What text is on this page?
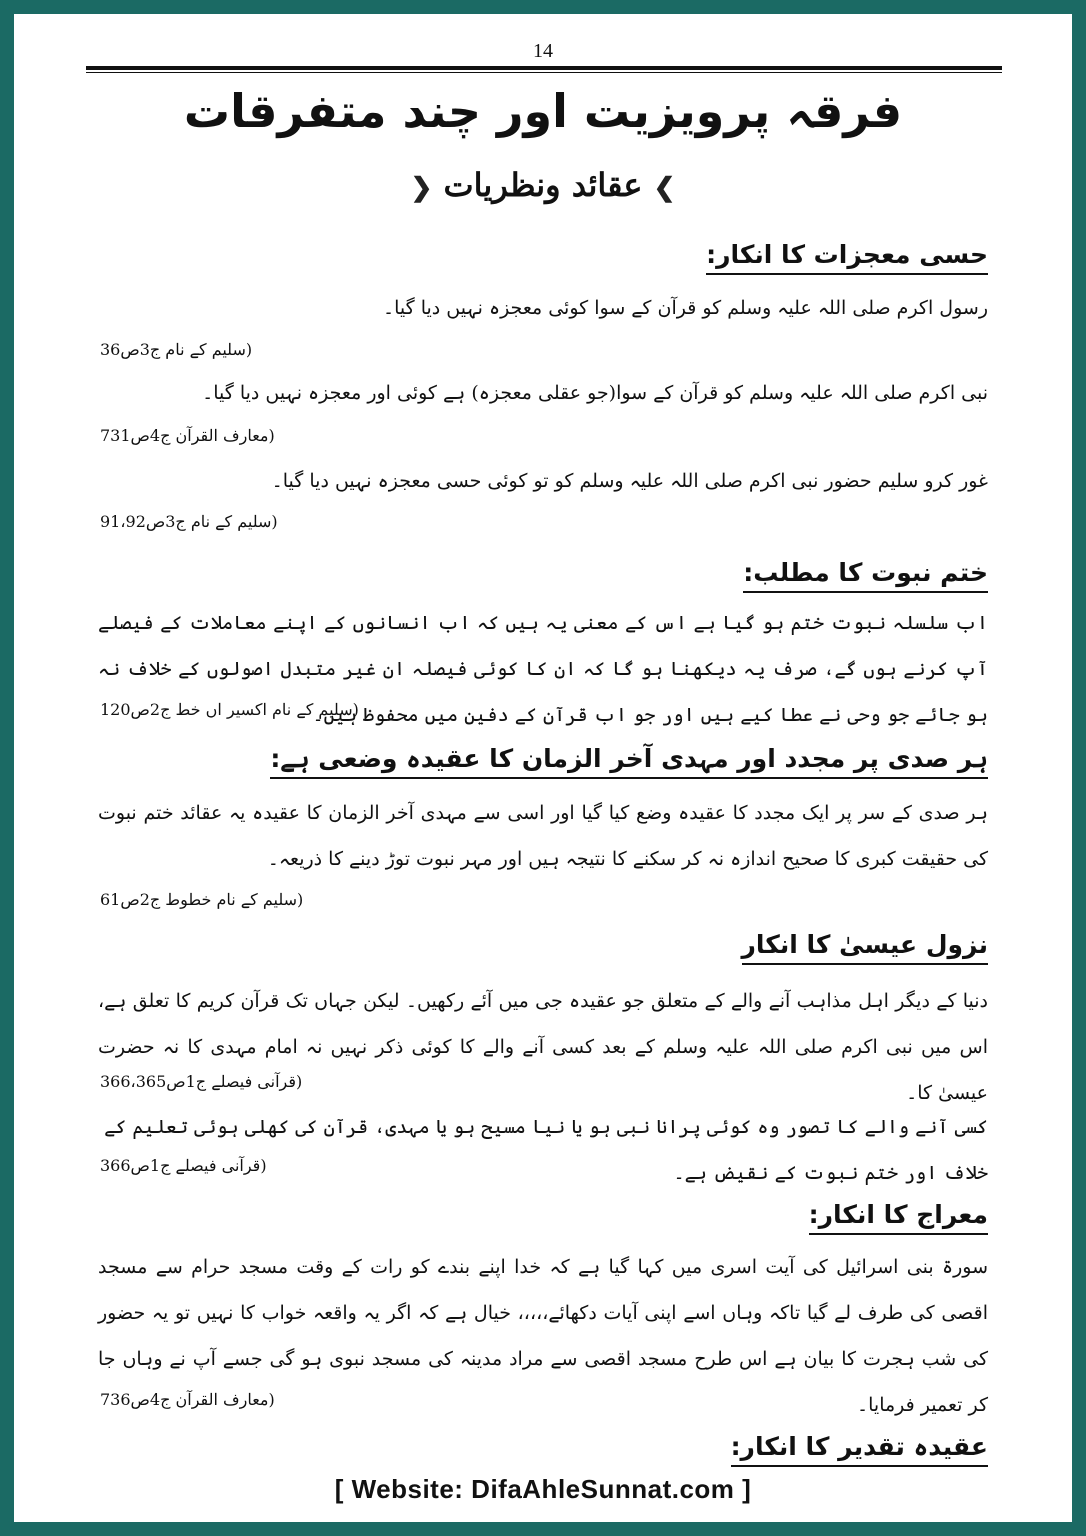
14
فرقہ پرویزیت اور چند متفرقات
❯ عقائد ونظریات ❮
حسی معجزات کا انکار:
رسول اکرم صلی اللہ علیہ وسلم کو قرآن کے سوا کوئی معجزہ نہیں دیا گیا۔
(سلیم کے نام ج3ص36
نبی اکرم صلی اللہ علیہ وسلم کو قرآن کے سوا(جو عقلی معجزہ) ہے کوئی اور معجزہ نہیں دیا گیا۔
(معارف القرآن ج4ص731
غور کرو سلیم حضور نبی اکرم صلی اللہ علیہ وسلم کو تو کوئی حسی معجزہ نہیں دیا گیا۔
(سلیم کے نام ج3ص91،92
ختم نبوت کا مطلب:
اب سلسلہ نبوت ختم ہو گیا ہے اس کے معنی یہ ہیں کہ اب انسانوں کے اپنے معاملات کے فیصلے آپ کرنے ہوں گے، صرف یہ دیکھنا ہو گا کہ ان کا کوئی فیصلہ ان غیر متبدل اصولوں کے خلاف نہ ہو جائے جو وحی نے عطا کیے ہیں اور جو اب قرآن کے دفین میں محفوظ ہیں۔
(سلیم کے نام اکسیر اں خط ج2ص120
ہر صدی پر مجدد اور مہدی آخر الزمان کا عقیدہ وضعی ہے:
ہر صدی کے سر پر ایک مجدد کا عقیدہ وضع کیا گیا اور اسی سے مہدی آخر الزمان کا عقیدہ یہ عقائد ختم نبوت کی حقیقت کبری کا صحیح اندازہ نہ کر سکنے کا نتیجہ ہیں اور مہر نبوت توڑ دینے کا ذریعہ۔
(سلیم کے نام خطوط ج2ص61
نزول عیسیٰ کا انکار
دنیا کے دیگر اہل مذاہب آنے والے کے متعلق جو عقیدہ جی میں آئے رکھیں۔ لیکن جہاں تک قرآن کریم کا تعلق ہے، اس میں نبی اکرم صلی اللہ علیہ وسلم کے بعد کسی آنے والے کا کوئی ذکر نہیں نہ امام مہدی کا نہ حضرت عیسیٰ کا۔
(قرآنی فیصلے ج1ص366،365
کسی آنے والے کا تصور وہ کوئی پرانا نبی ہو یا نیا مسیح ہو یا مہدی، قرآن کی کھلی ہوئی تعلیم کے خلاف اور ختم نبوت کے نقیض ہے۔
(قرآنی فیصلے ج1ص366
معراج کا انکار:
سورۃ بنی اسرائیل کی آیت اسری میں کہا گیا ہے کہ خدا اپنے بندے کو رات کے وقت مسجد حرام سے مسجد اقصی کی طرف لے گیا تاکہ وہاں اسے اپنی آیات دکھائے،،،،، خیال ہے کہ اگر یہ واقعہ خواب کا نہیں تو یہ حضور کی شب ہجرت کا بیان ہے اس طرح مسجد اقصی سے مراد مدینہ کی مسجد نبوی ہو گی جسے آپ نے وہاں جا کر تعمیر فرمایا۔
(معارف القرآن ج4ص736
عقیدہ تقدیر کا انکار:
[ Website: DifaAhleSunnat.com ]
